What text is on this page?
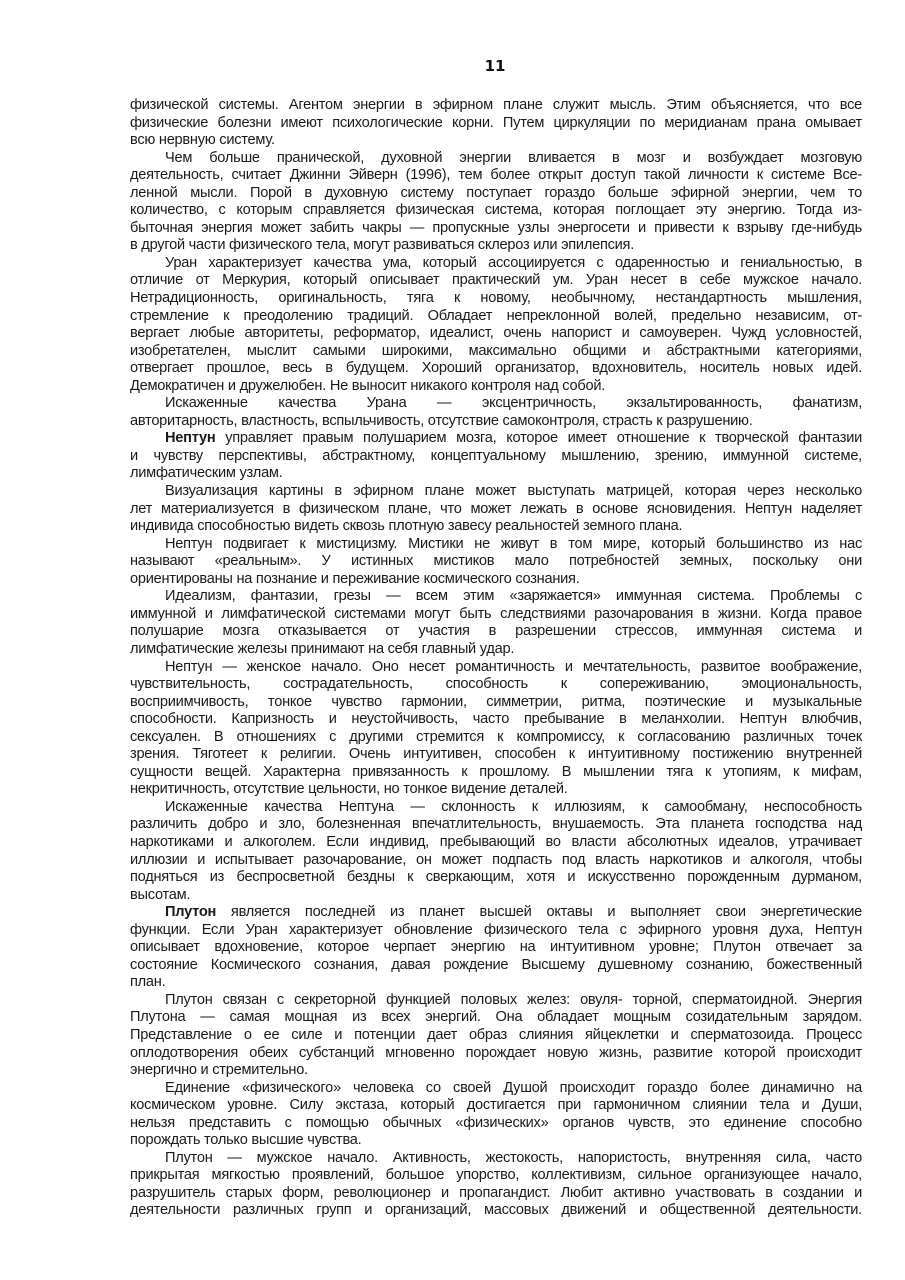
11
физической системы. Агентом энергии в эфирном плане служит мысль. Этим объясняется, что все
физические болезни имеют психологические корни. Путем циркуляции по меридианам прана омывает
всю нервную систему.
Чем больше пранической, духовной энергии вливается в мозг и возбуждает мозговую
деятельность, считает Джинни Эйверн (1996), тем более открыт доступ такой личности к системе Все-
ленной мысли. Порой в духовную систему поступает гораздо больше эфирной энергии, чем то
количество, с которым справляется физическая система, которая поглощает эту энергию. Тогда из-
быточная энергия может забить чакры — пропускные узлы энергосети и привести к взрыву где-нибудь
в другой части физического тела, могут развиваться склероз или эпилепсия.
Уран характеризует качества ума, который ассоциируется с одаренностью и гениальностью, в
отличие от Меркурия, который описывает практический ум. Уран несет в себе мужское начало.
Нетрадиционность, оригинальность, тяга к новому, необычному, нестандартность мышления,
стремление к преодолению традиций. Обладает непреклонной волей, предельно независим, от-
вергает любые авторитеты, реформатор, идеалист, очень напорист и самоуверен. Чужд условностей,
изобретателен, мыслит самыми широкими, максимально общими и абстрактными категориями,
отвергает прошлое, весь в будущем. Хороший организатор, вдохновитель, носитель новых идей.
Демократичен и дружелюбен. Не выносит никакого контроля над собой.
Искаженные качества Урана — эксцентричность, экзальтированность, фанатизм,
авторитарность, властность, вспыльчивость, отсутствие самоконтроля, страсть к разрушению.
Нептун управляет правым полушарием мозга, которое имеет отношение к творческой фантазии
и чувству перспективы, абстрактному, концептуальному мышлению, зрению, иммунной системе,
лимфатическим узлам.
Визуализация картины в эфирном плане может выступать матрицей, которая через несколько
лет материализуется в физическом плане, что может лежать в основе ясновидения. Нептун наделяет
индивида способностью видеть сквозь плотную завесу реальностей земного плана.
Нептун подвигает к мистицизму. Мистики не живут в том мире, который большинство из нас
называют «реальным». У истинных мистиков мало потребностей земных, поскольку они
ориентированы на познание и переживание космического сознания.
Идеализм, фантазии, грезы — всем этим «заряжается» иммунная система. Проблемы с
иммунной и лимфатической системами могут быть следствиями разочарования в жизни. Когда правое
полушарие мозга отказывается от участия в разрешении стрессов, иммунная система и
лимфатические железы принимают на себя главный удар.
Нептун — женское начало. Оно несет романтичность и мечтательность, развитое воображение,
чувствительность, сострадательность, способность к сопереживанию, эмоциональность,
восприимчивость, тонкое чувство гармонии, симметрии, ритма, поэтические и музыкальные
способности. Капризность и неустойчивость, часто пребывание в меланхолии. Нептун влюбчив,
сексуален. В отношениях с другими стремится к компромиссу, к согласованию различных точек
зрения. Тяготеет к религии. Очень интуитивен, способен к интуитивному постижению внутренней
сущности вещей. Характерна привязанность к прошлому. В мышлении тяга к утопиям, к мифам,
некритичность, отсутствие цельности, но тонкое видение деталей.
Искаженные качества Нептуна — склонность к иллюзиям, к самообману, неспособность
различить добро и зло, болезненная впечатлительность, внушаемость. Эта планета господства над
наркотиками и алкоголем. Если индивид, пребывающий во власти абсолютных идеалов, утрачивает
иллюзии и испытывает разочарование, он может подпасть под власть наркотиков и алкоголя, чтобы
подняться из беспросветной бездны к сверкающим, хотя и искусственно порожденным дурманом,
высотам.
Плутон является последней из планет высшей октавы и выполняет свои энергетические
функции. Если Уран характеризует обновление физического тела с эфирного уровня духа, Нептун
описывает вдохновение, которое черпает энергию на интуитивном уровне; Плутон отвечает за
состояние Космического сознания, давая рождение Высшему душевному сознанию, божественный
план.
Плутон связан с секреторной функцией половых желез: овуля- торной, сперматоидной. Энергия
Плутона — самая мощная из всех энергий. Она обладает мощным созидательным зарядом.
Представление о ее силе и потенции дает образ слияния яйцеклетки и сперматозоида. Процесс
оплодотворения обеих субстанций мгновенно порождает новую жизнь, развитие которой происходит
энергично и стремительно.
Единение «физического» человека со своей Душой происходит гораздо более динамично на
космическом уровне. Силу экстаза, который достигается при гармоничном слиянии тела и Души,
нельзя представить с помощью обычных «физических» органов чувств, это единение способно
порождать только высшие чувства.
Плутон — мужское начало. Активность, жестокость, напористость, внутренняя сила, часто
прикрытая мягкостью проявлений, большое упорство, коллективизм, сильное организующее начало,
разрушитель старых форм, революционер и пропагандист. Любит активно участвовать в создании и
деятельности различных групп и организаций, массовых движений и общественной деятельности.
